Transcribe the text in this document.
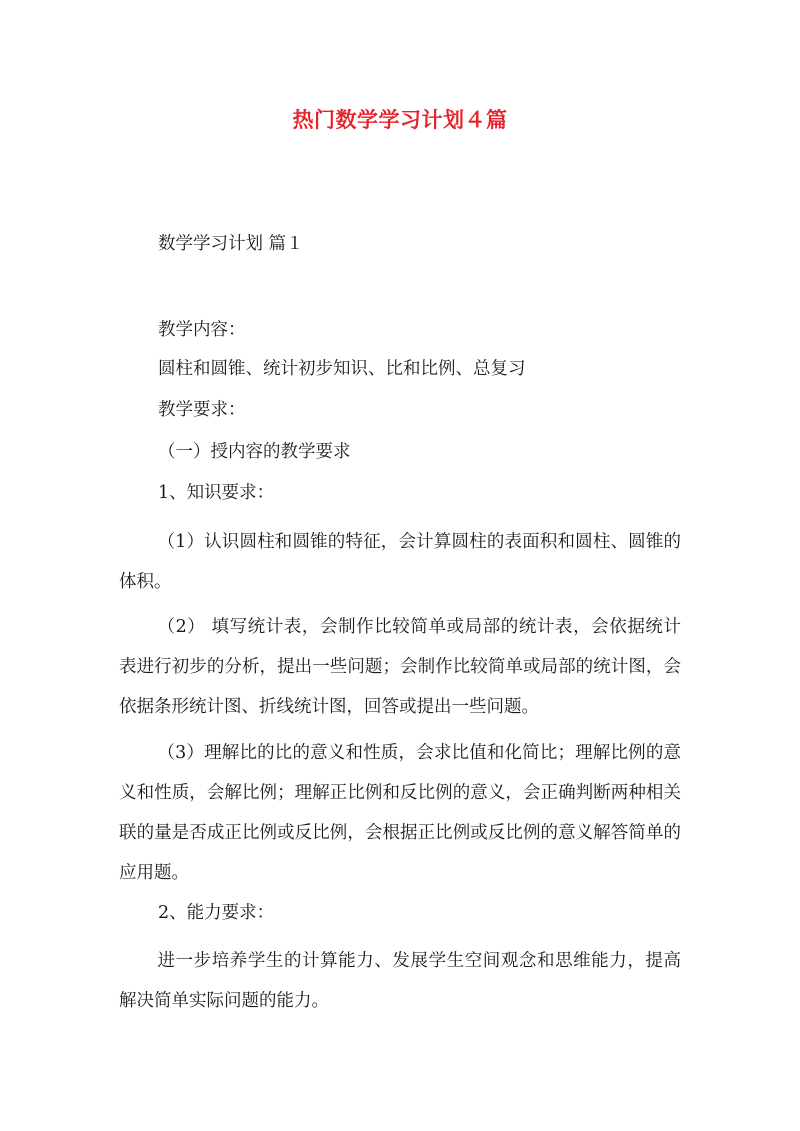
热门数学学习计划４篇
数学学习计划 篇１
教学内容：
圆柱和圆锥、统计初步知识、比和比例、总复习
教学要求：
（一）授内容的教学要求
1、知识要求：

（1）认识圆柱和圆锥的特征，会计算圆柱的表面积和圆柱、圆锥的体积。

（2） 填写统计表，会制作比较简单或局部的统计表，会依据统计表进行初步的分析，提出一些问题；会制作比较简单或局部的统计图，会依据条形统计图、折线统计图，回答或提出一些问题。

（3）理解比的比的意义和性质，会求比值和化简比；理解比例的意义和性质，会解比例；理解正比例和反比例的意义，会正确判断两种相关联的量是否成正比例或反比例，会根据正比例或反比例的意义解答简单的应用题。

2、能力要求：

进一步培养学生的计算能力、发展学生空间观念和思维能力，提高解决简单实际问题的能力。
